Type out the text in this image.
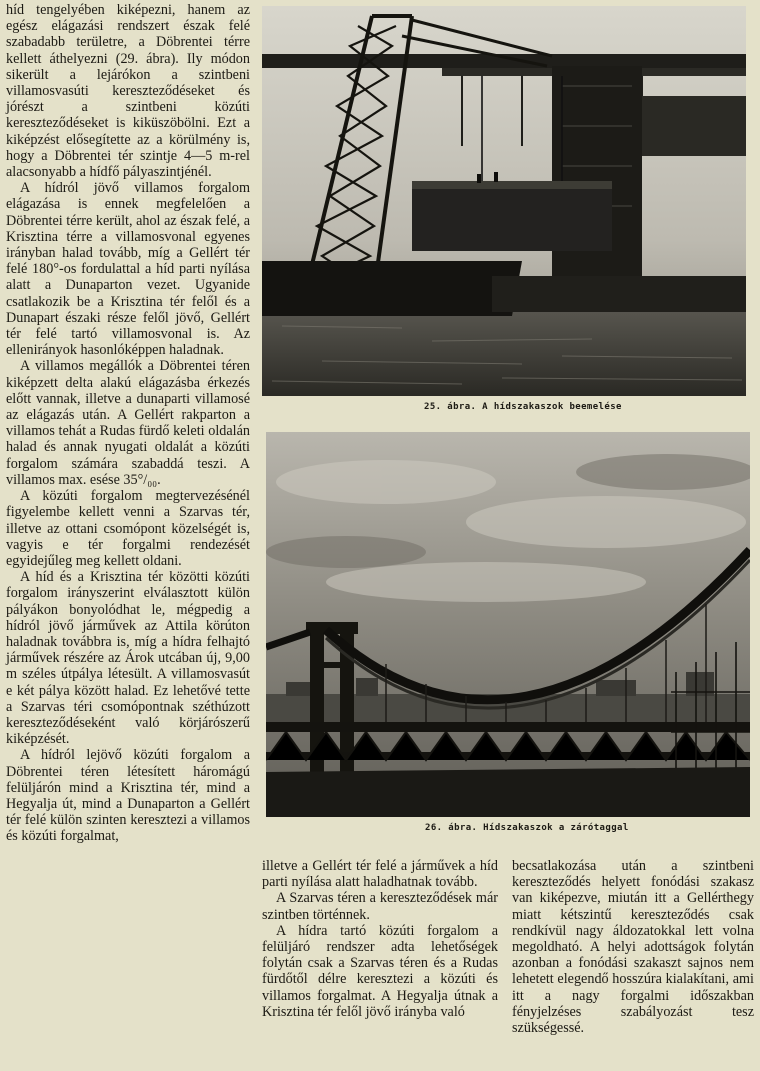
híd tengelyében kiképezni, hanem az egész elágazási rendszert észak felé szabadabb területre, a Döbrentei térre kellett áthelyezni (29. ábra). Ily módon sikerült a lejárókon a szintbeni villamosvasúti kereszteződéseket és jórészt a szintbeni közúti kereszteződéseket is kiküszöbölni. Ezt a kiképzést elősegítette az a körülmény is, hogy a Döbrentei tér szintje 4—5 m-rel alacsonyabb a hídfő pályaszintjénél.

A hídról jövő villamos forgalom elágazása is ennek megfelelően a Döbrentei térre került, ahol az észak felé, a Krisztina térre a villamosvonal egyenes irányban halad tovább, míg a Gellért tér felé 180°-os fordulattal a híd parti nyílása alatt a Dunaparton vezet. Ugyanide csatlakozik be a Krisztina tér felől és a Dunapart északi része felől jövő, Gellért tér felé tartó villamosvonal is. Az ellenirányok hasonlóképpen haladnak.

A villamos megállók a Döbrentei téren kiképzett delta alakú elágazásba érkezés előtt vannak, illetve a dunaparti villamosé az elágazás után. A Gellért rakparton a villamos tehát a Rudas fürdő keleti oldalán halad és annak nyugati oldalát a közúti forgalom számára szabaddá teszi. A villamos max. esése 35°/₀₀.

A közúti forgalom megtervezésénél figyelembe kellett venni a Szarvas tér, illetve az ottani csomópont közelségét is, vagyis e tér forgalmi rendezését egyidejűleg meg kellett oldani.

A híd és a Krisztina tér közötti közúti forgalom irányszerint elválasztott külön pályákon bonyolódhat le, mégpedig a hídról jövő járművek az Attila körúton haladnak továbbra is, míg a hídra felhajtó járművek részére az Árok utcában új, 9,00 m széles útpálya létesült. A villamosvasút e két pálya között halad. Ez lehetővé tette a Szarvas téri csomópontnak széthúzott kereszteződéseként való körjárószerű kiképzését.

A hídról lejövő közúti forgalom a Döbrentei téren létesített háromágú felüljárón mind a Krisztina tér, mind a Hegyalja út, mind a Dunaparton a Gellért tér felé külön szinten keresztezi a villamos és közúti forgalmat,

25. ábra. A hídszakaszok beemelése
26. ábra. Hídszakaszok a zárótaggal

illetve a Gellért tér felé a járművek a híd parti nyílása alatt haladhatnak tovább.

A Szarvas téren a kereszteződések már szintben történnek.

A hídra tartó közúti forgalom a felüljáró rendszer adta lehetőségek folytán csak a Szarvas téren és a Rudas fürdőtől délre keresztezi a közúti és villamos forgalmat. A Hegyalja útnak a Krisztina tér felől jövő irányba való

becsatlakozása után a szintbeni kereszteződés helyett fonódási szakasz van kiképezve, miután itt a Gellérthegy miatt kétszintű kereszteződés csak rendkívül nagy áldozatokkal lett volna megoldható. A helyi adottságok folytán azonban a fonódási szakaszt sajnos nem lehetett elegendő hosszúra kialakítani, ami itt a nagy forgalmi időszakban fényjelzéses szabályozást tesz szükségessé.
